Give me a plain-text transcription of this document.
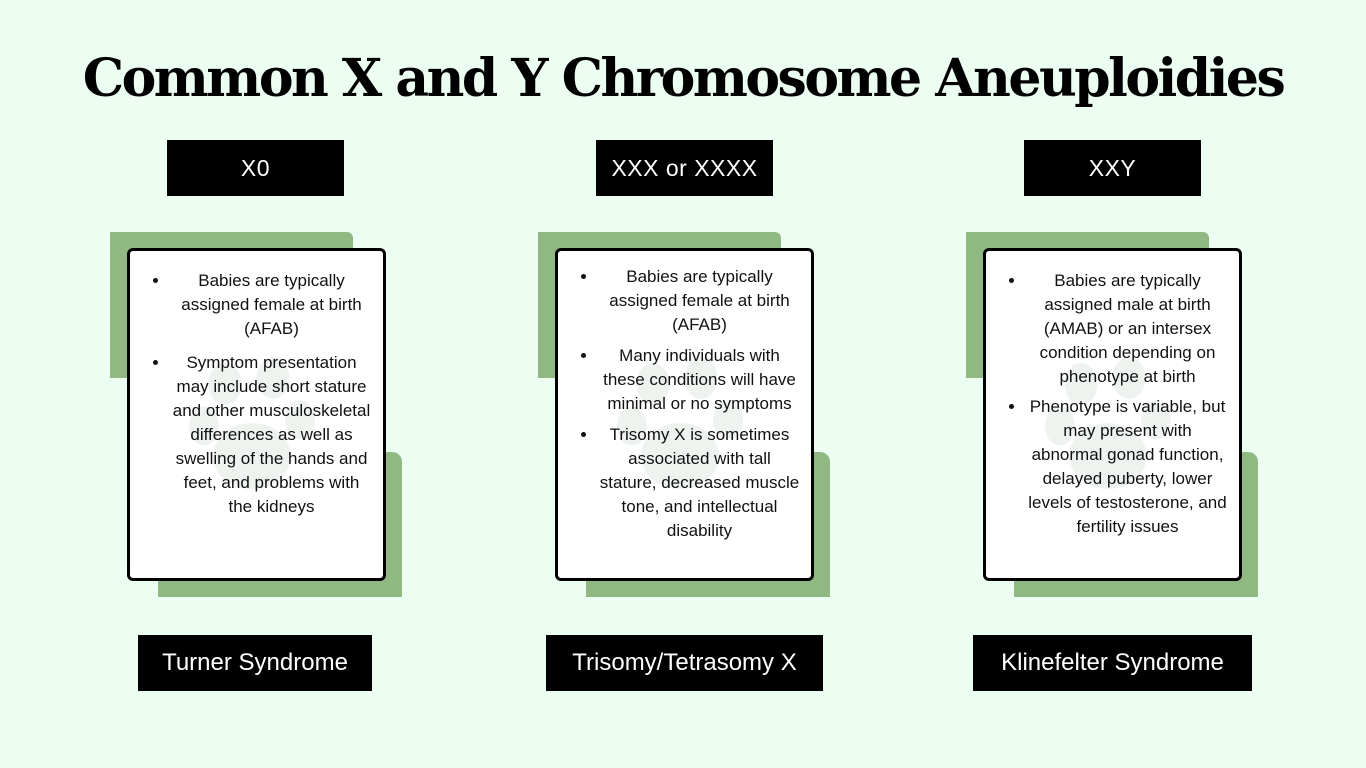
Common X and Y Chromosome Aneuploidies
X0
• Babies are typically assigned female at birth (AFAB)
• Symptom presentation may include short stature and other musculoskeletal differences as well as swelling of the hands and feet, and problems with the kidneys
Turner Syndrome
XXX or XXXX
• Babies are typically assigned female at birth (AFAB)
• Many individuals with these conditions will have minimal or no symptoms
• Trisomy X is sometimes associated with tall stature, decreased muscle tone, and intellectual disability
Trisomy/Tetrasomy X
XXY
• Babies are typically assigned male at birth (AMAB) or an intersex condition depending on phenotype at birth
• Phenotype is variable, but may present with abnormal gonad function, delayed puberty, lower levels of testosterone, and fertility issues
Klinefelter Syndrome
